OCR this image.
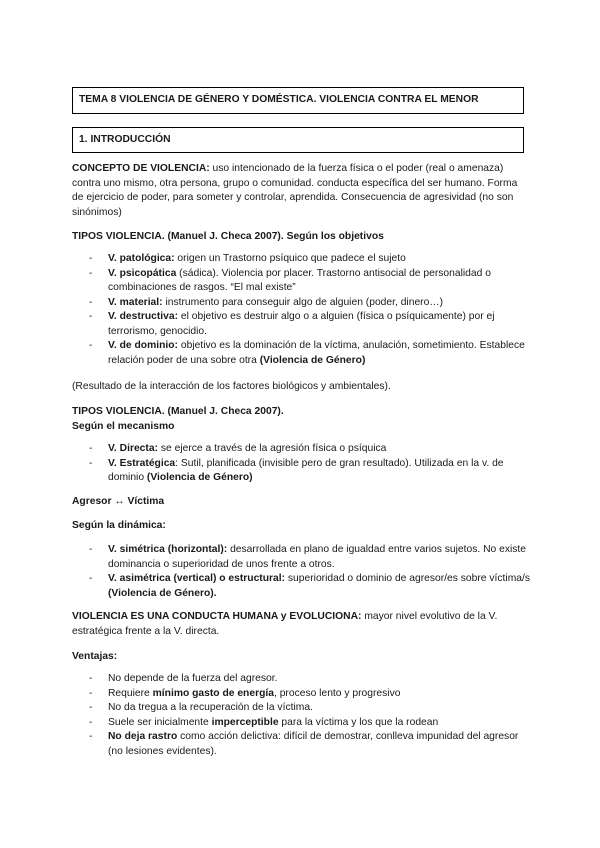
TEMA 8 VIOLENCIA DE GÉNERO Y DOMÉSTICA. VIOLENCIA CONTRA EL MENOR
1. INTRODUCCIÓN

CONCEPTO DE VIOLENCIA: uso intencionado de la fuerza física o el poder (real o amenaza) contra uno mismo, otra persona, grupo o comunidad. conducta específica del ser humano. Forma de ejercicio de poder, para someter y controlar, aprendida. Consecuencia de agresividad (no son sinónimos)

TIPOS VIOLENCIA. (Manuel J. Checa 2007). Según los objetivos

- V. patológica: origen un Trastorno psíquico que padece el sujeto
- V. psicopática (sádica). Violencia por placer. Trastorno antisocial de personalidad o combinaciones de rasgos. “El mal existe”
- V. material: instrumento para conseguir algo de alguien (poder, dinero…)
- V. destructiva: el objetivo es destruir algo o a alguien (física o psíquicamente) por ej terrorismo, genocidio.
- V. de dominio: objetivo es la dominación de la víctima, anulación, sometimiento. Establece relación poder de una sobre otra (Violencia de Género)

(Resultado de la interacción de los factores biológicos y ambientales).

TIPOS VIOLENCIA. (Manuel J. Checa 2007).

Según el mecanismo

- V. Directa: se ejerce a través de la agresión física o psíquica
- V. Estratégica: Sutil, planificada (invisible pero de gran resultado). Utilizada en la v. de dominio (Violencia de Género)

Agresor ↔ Víctima

Según la dinámica:

- V. simétrica (horizontal): desarrollada en plano de igualdad entre varios sujetos. No existe dominancia o superioridad de unos frente a otros.
- V. asimétrica (vertical) o estructural: superioridad o dominio de agresor/es sobre víctima/s (Violencia de Género).

VIOLENCIA ES UNA CONDUCTA HUMANA y EVOLUCIONA: mayor nivel evolutivo de la V. estratégica frente a la V. directa.

Ventajas:

- No depende de la fuerza del agresor.
- Requiere mínimo gasto de energía, proceso lento y progresivo
- No da tregua a la recuperación de la víctima.
- Suele ser inicialmente imperceptible para la víctima y los que la rodean
- No deja rastro como acción delictiva: difícil de demostrar, conlleva impunidad del agresor (no lesiones evidentes).
